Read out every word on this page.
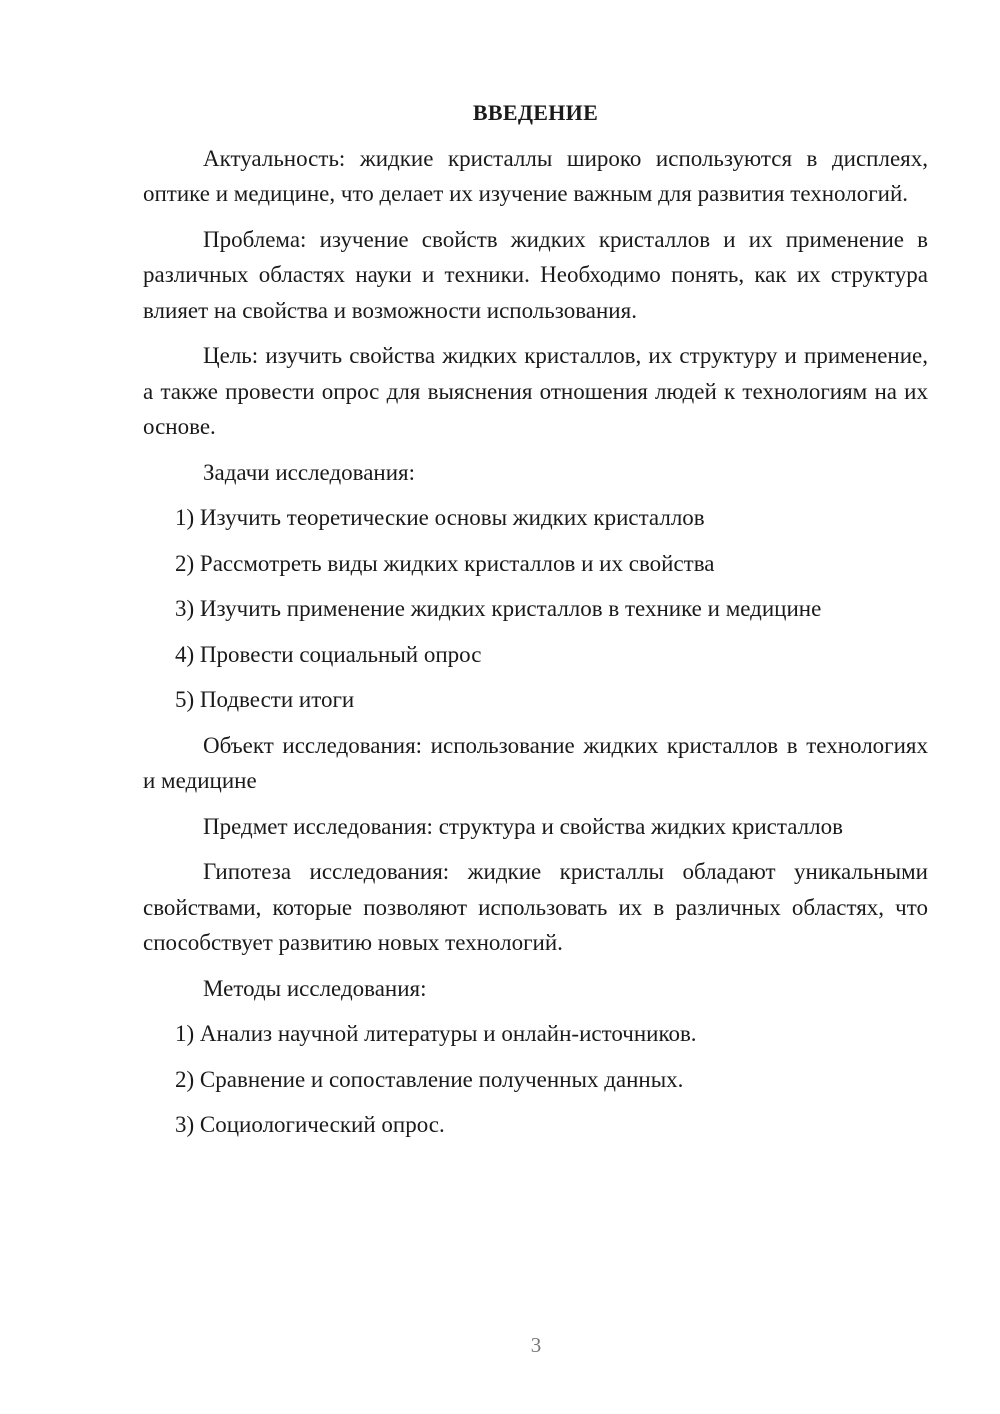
ВВЕДЕНИЕ
Актуальность: жидкие кристаллы широко используются в дисплеях, оптике и медицине, что делает их изучение важным для развития технологий.
Проблема: изучение свойств жидких кристаллов и их применение в различных областях науки и техники. Необходимо понять, как их структура влияет на свойства и возможности использования.
Цель: изучить свойства жидких кристаллов, их структуру и применение, а также провести опрос для выяснения отношения людей к технологиям на их основе.
Задачи исследования:
1) Изучить теоретические основы жидких кристаллов
2) Рассмотреть виды жидких кристаллов и их свойства
3) Изучить применение жидких кристаллов в технике и медицине
4) Провести социальный опрос
5) Подвести итоги
Объект исследования: использование жидких кристаллов в технологиях и медицине
Предмет исследования: структура и свойства жидких кристаллов
Гипотеза исследования: жидкие кристаллы обладают уникальными свойствами, которые позволяют использовать их в различных областях, что способствует развитию новых технологий.
Методы исследования:
1) Анализ научной литературы и онлайн-источников.
2) Сравнение и сопоставление полученных данных.
3) Социологический опрос.
3
